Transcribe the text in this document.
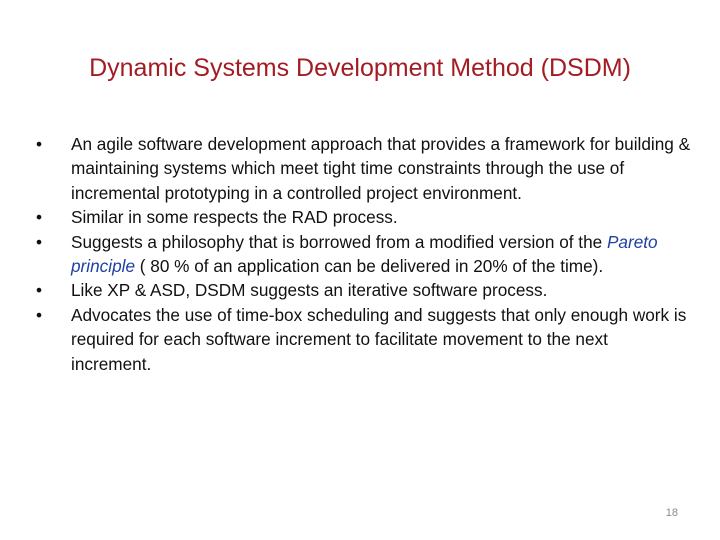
Dynamic Systems Development Method (DSDM)
•	An agile software development approach that provides a framework for building & maintaining systems which meet tight time constraints through the use of incremental prototyping in a controlled project environment.
•	Similar in some respects the RAD process.
•	Suggests a philosophy that is borrowed from a modified version of the Pareto principle ( 80 % of an application can be delivered in 20% of the time).
•	Like XP & ASD, DSDM suggests an iterative software process.
•	Advocates the use of time-box scheduling and suggests that only enough work is required for each software increment to facilitate movement to the next increment.
18
